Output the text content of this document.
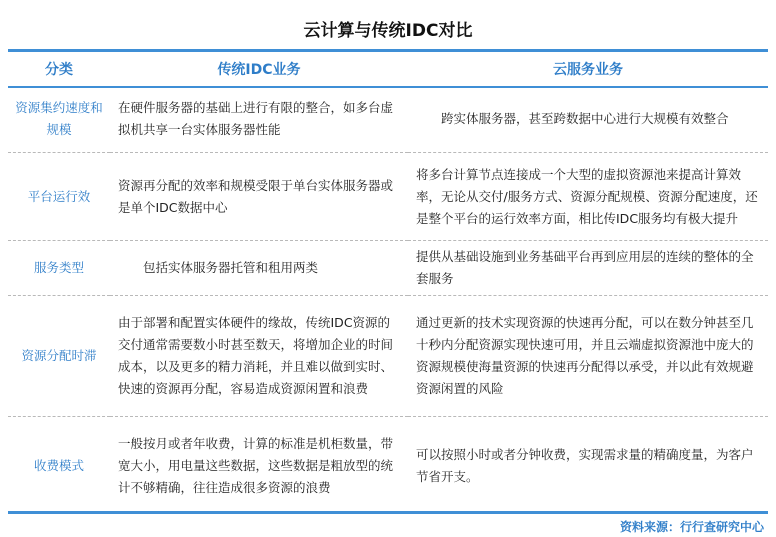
云计算与传统IDC对比
分类	传统IDC业务	云服务业务
资源集约速度和规模	在硬件服务器的基础上进行有限的整合，如多台虚拟机共享一台实体服务器性能	跨实体服务器，甚至跨数据中心进行大规模有效整合
平台运行效	资源再分配的效率和规模受限于单台实体服务器或是单个IDC数据中心	将多台计算节点连接成一个大型的虚拟资源池来提高计算效率，无论从交付/服务方式、资源分配规模、资源分配速度，还是整个平台的运行效率方面，相比传IDC服务均有极大提升
服务类型	包括实体服务器托管和租用两类	提供从基础设施到业务基础平台再到应用层的连续的整体的全套服务
资源分配时滞	由于部署和配置实体硬件的缘故，传统IDC资源的交付通常需要数小时甚至数天，将增加企业的时间成本，以及更多的精力消耗，并且难以做到实时、快速的资源再分配，容易造成资源闲置和浪费	通过更新的技术实现资源的快速再分配，可以在数分钟甚至几十秒内分配资源实现快速可用，并且云端虚拟资源池中庞大的资源规模使海量资源的快速再分配得以承受，并以此有效规避资源闲置的风险
收费模式	一般按月或者年收费，计算的标准是机柜数量，带宽大小，用电量这些数据，这些数据是粗放型的统计不够精确，往往造成很多资源的浪费	可以按照小时或者分钟收费，实现需求量的精确度量，为客户节省开支。
资料来源：行行查研究中心
